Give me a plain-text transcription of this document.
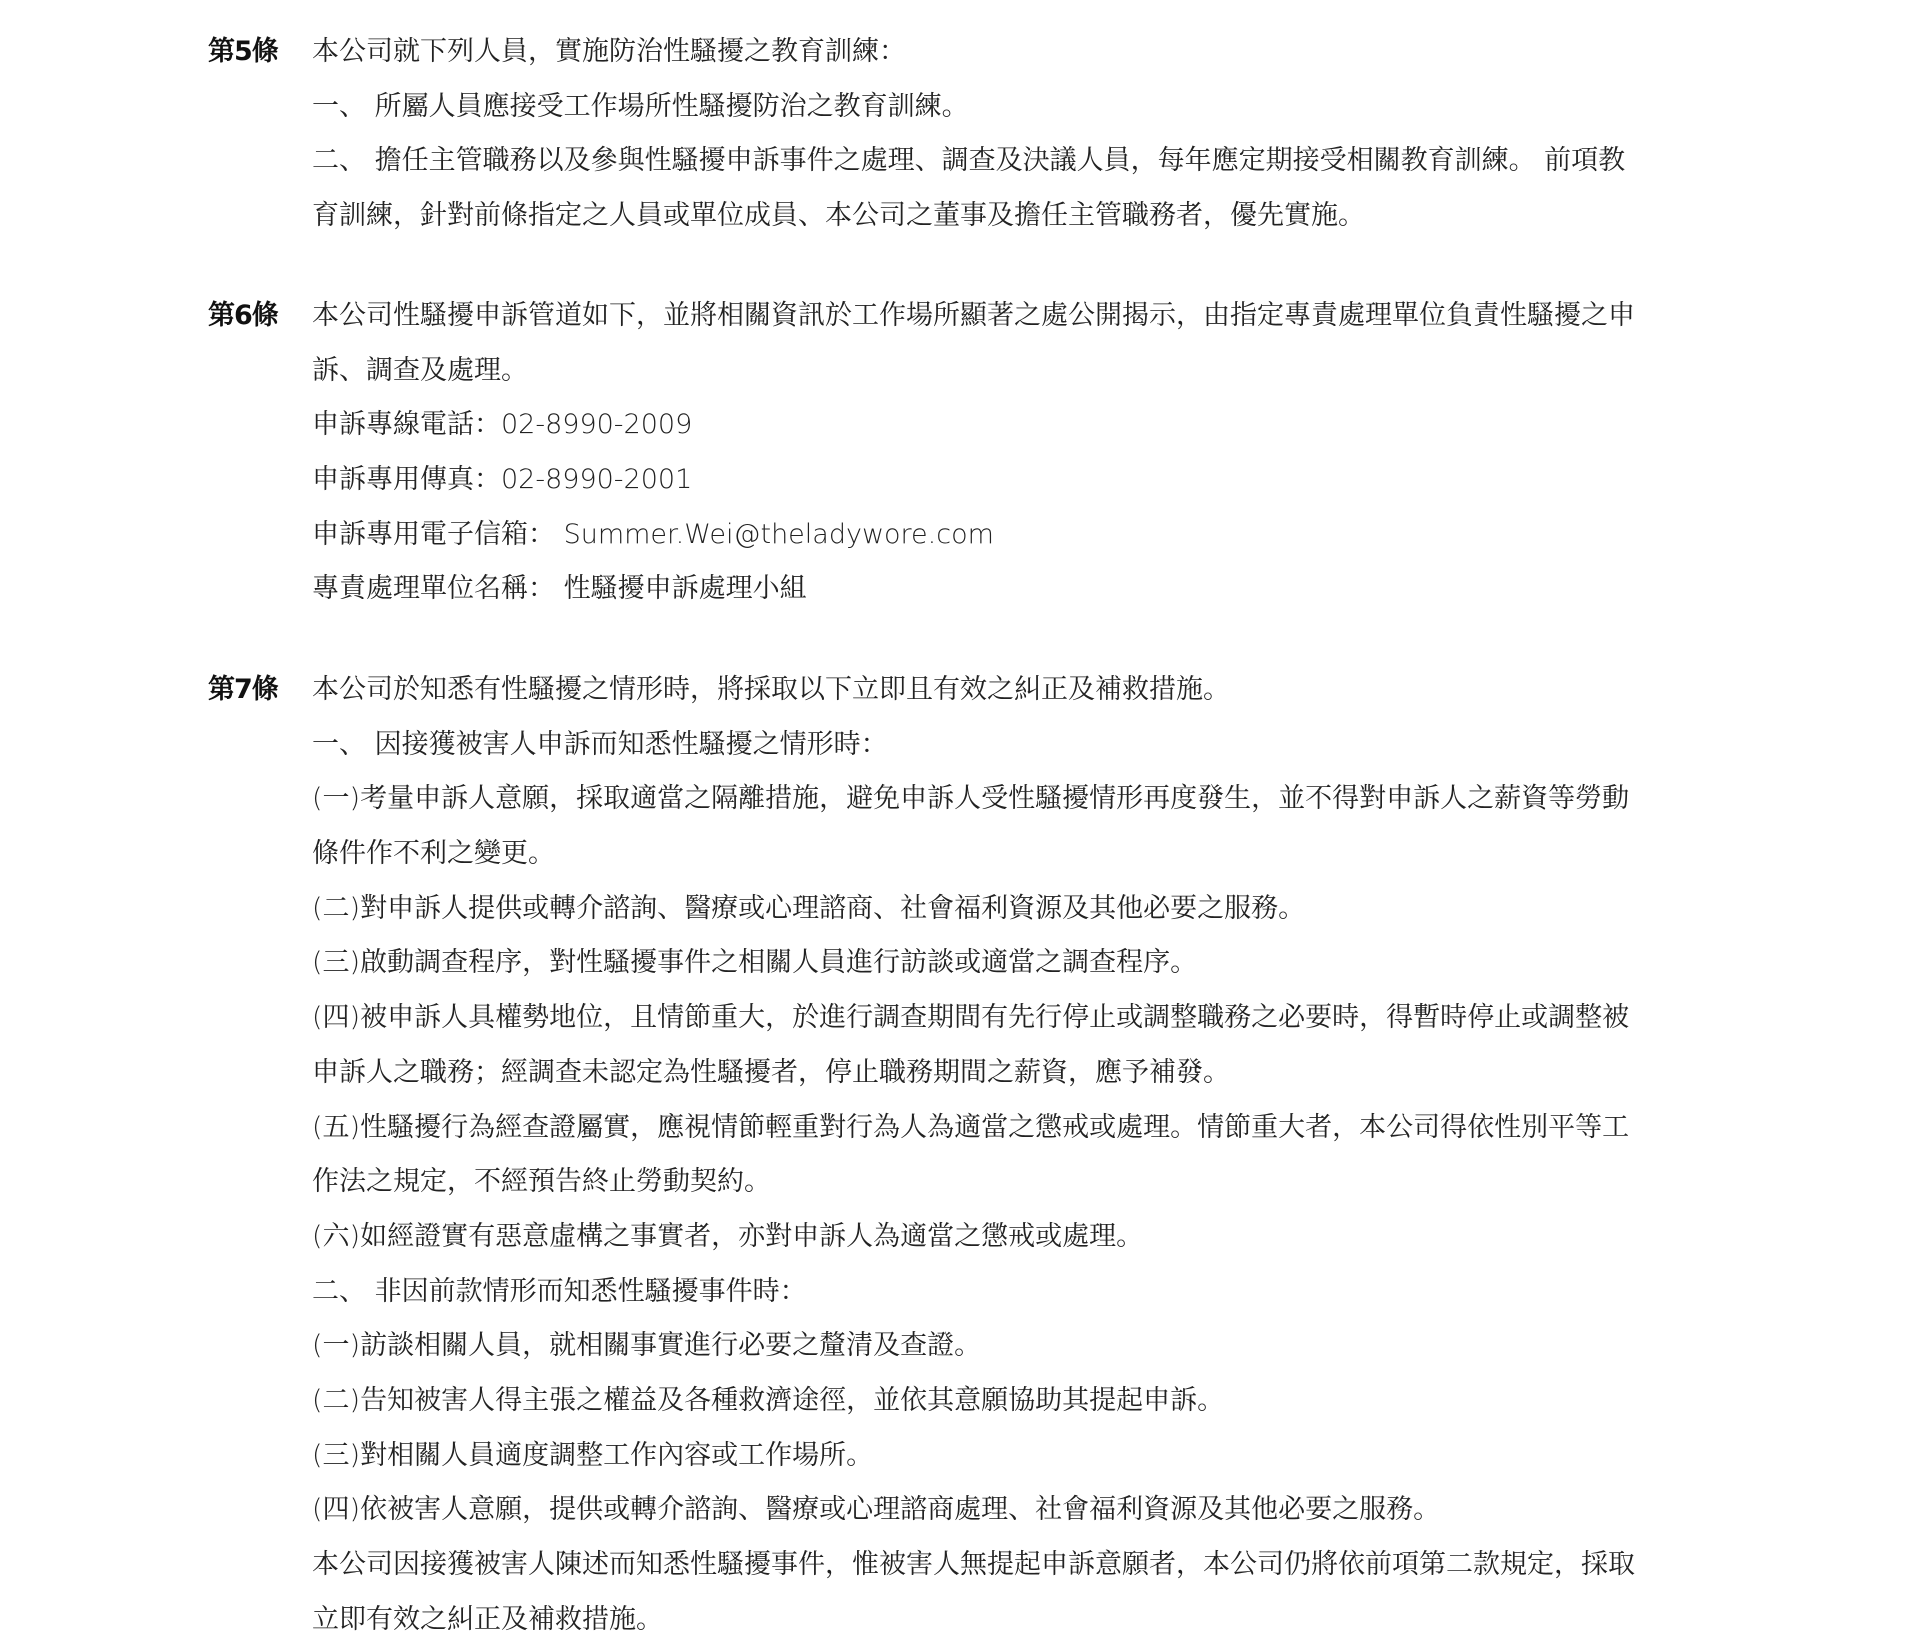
第5條	本公司就下列人員，實施防治性騷擾之教育訓練：
一、 所屬人員應接受工作場所性騷擾防治之教育訓練。
二、 擔任主管職務以及參與性騷擾申訴事件之處理、調查及決議人員，每年應定期接受相關教育訓練。 前項教
育訓練，針對前條指定之人員或單位成員、本公司之董事及擔任主管職務者，優先實施。
第6條	本公司性騷擾申訴管道如下，並將相關資訊於工作場所顯著之處公開揭示，由指定專責處理單位負責性騷擾之申
訴、調查及處理。
申訴專線電話：02-8990-2009
申訴專用傳真：02-8990-2001
申訴專用電子信箱： Summer.Wei@theladywore.com
專責處理單位名稱： 性騷擾申訴處理小組
第7條	本公司於知悉有性騷擾之情形時，將採取以下立即且有效之糾正及補救措施。
一、 因接獲被害人申訴而知悉性騷擾之情形時：
(一)考量申訴人意願，採取適當之隔離措施，避免申訴人受性騷擾情形再度發生，並不得對申訴人之薪資等勞動
條件作不利之變更。
(二)對申訴人提供或轉介諮詢、醫療或心理諮商、社會福利資源及其他必要之服務。
(三)啟動調查程序，對性騷擾事件之相關人員進行訪談或適當之調查程序。
(四)被申訴人具權勢地位，且情節重大，於進行調查期間有先行停止或調整職務之必要時，得暫時停止或調整被
申訴人之職務；經調查未認定為性騷擾者，停止職務期間之薪資，應予補發。
(五)性騷擾行為經查證屬實，應視情節輕重對行為人為適當之懲戒或處理。情節重大者，本公司得依性別平等工
作法之規定，不經預告終止勞動契約。
(六)如經證實有惡意虛構之事實者，亦對申訴人為適當之懲戒或處理。
二、 非因前款情形而知悉性騷擾事件時：
(一)訪談相關人員，就相關事實進行必要之釐清及查證。
(二)告知被害人得主張之權益及各種救濟途徑，並依其意願協助其提起申訴。
(三)對相關人員適度調整工作內容或工作場所。
(四)依被害人意願，提供或轉介諮詢、醫療或心理諮商處理、社會福利資源及其他必要之服務。
本公司因接獲被害人陳述而知悉性騷擾事件，惟被害人無提起申訴意願者，本公司仍將依前項第二款規定，採取
立即有效之糾正及補救措施。
